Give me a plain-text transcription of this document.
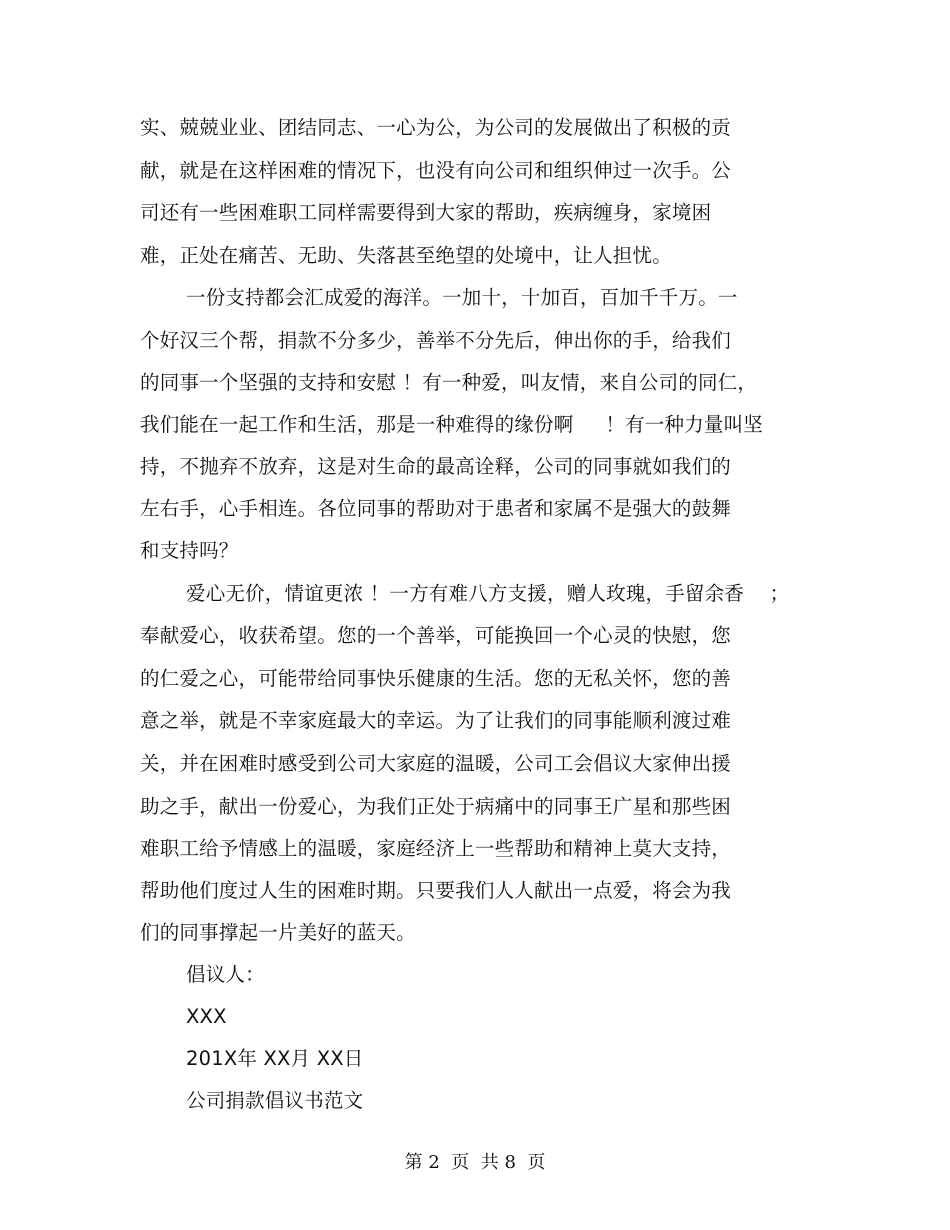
实、兢兢业业、团结同志、一心为公，为公司的发展做出了积极的贡
献，就是在这样困难的情况下，也没有向公司和组织伸过一次手。公
司还有一些困难职工同样需要得到大家的帮助，疾病缠身，家境困
难，正处在痛苦、无助、失落甚至绝望的处境中，让人担忧。
一份支持都会汇成爱的海洋。一加十，十加百，百加千千万。一
个好汉三个帮，捐款不分多少，善举不分先后，伸出你的手，给我们
的同事一个坚强的支持和安慰 ！有一种爱，叫友情，来自公司的同仁，
我们能在一起工作和生活，那是一种难得的缘份啊     ！有一种力量叫坚
持，不抛弃不放弃，这是对生命的最高诠释，公司的同事就如我们的
左右手，心手相连。各位同事的帮助对于患者和家属不是强大的鼓舞
和支持吗？
爱心无价，情谊更浓 ！一方有难八方支援，赠人玫瑰，手留余香    ；
奉献爱心，收获希望。您的一个善举，可能换回一个心灵的快慰，您
的仁爱之心，可能带给同事快乐健康的生活。您的无私关怀，您的善
意之举，就是不幸家庭最大的幸运。为了让我们的同事能顺利渡过难
关，并在困难时感受到公司大家庭的温暖，公司工会倡议大家伸出援
助之手，献出一份爱心，为我们正处于病痛中的同事王广星和那些困
难职工给予情感上的温暖，家庭经济上一些帮助和精神上莫大支持，
帮助他们度过人生的困难时期。只要我们人人献出一点爱，将会为我
们的同事撑起一片美好的蓝天。
倡议人：
XXX
201X年 XX月 XX日
公司捐款倡议书范文
第 2  页  共 8  页
